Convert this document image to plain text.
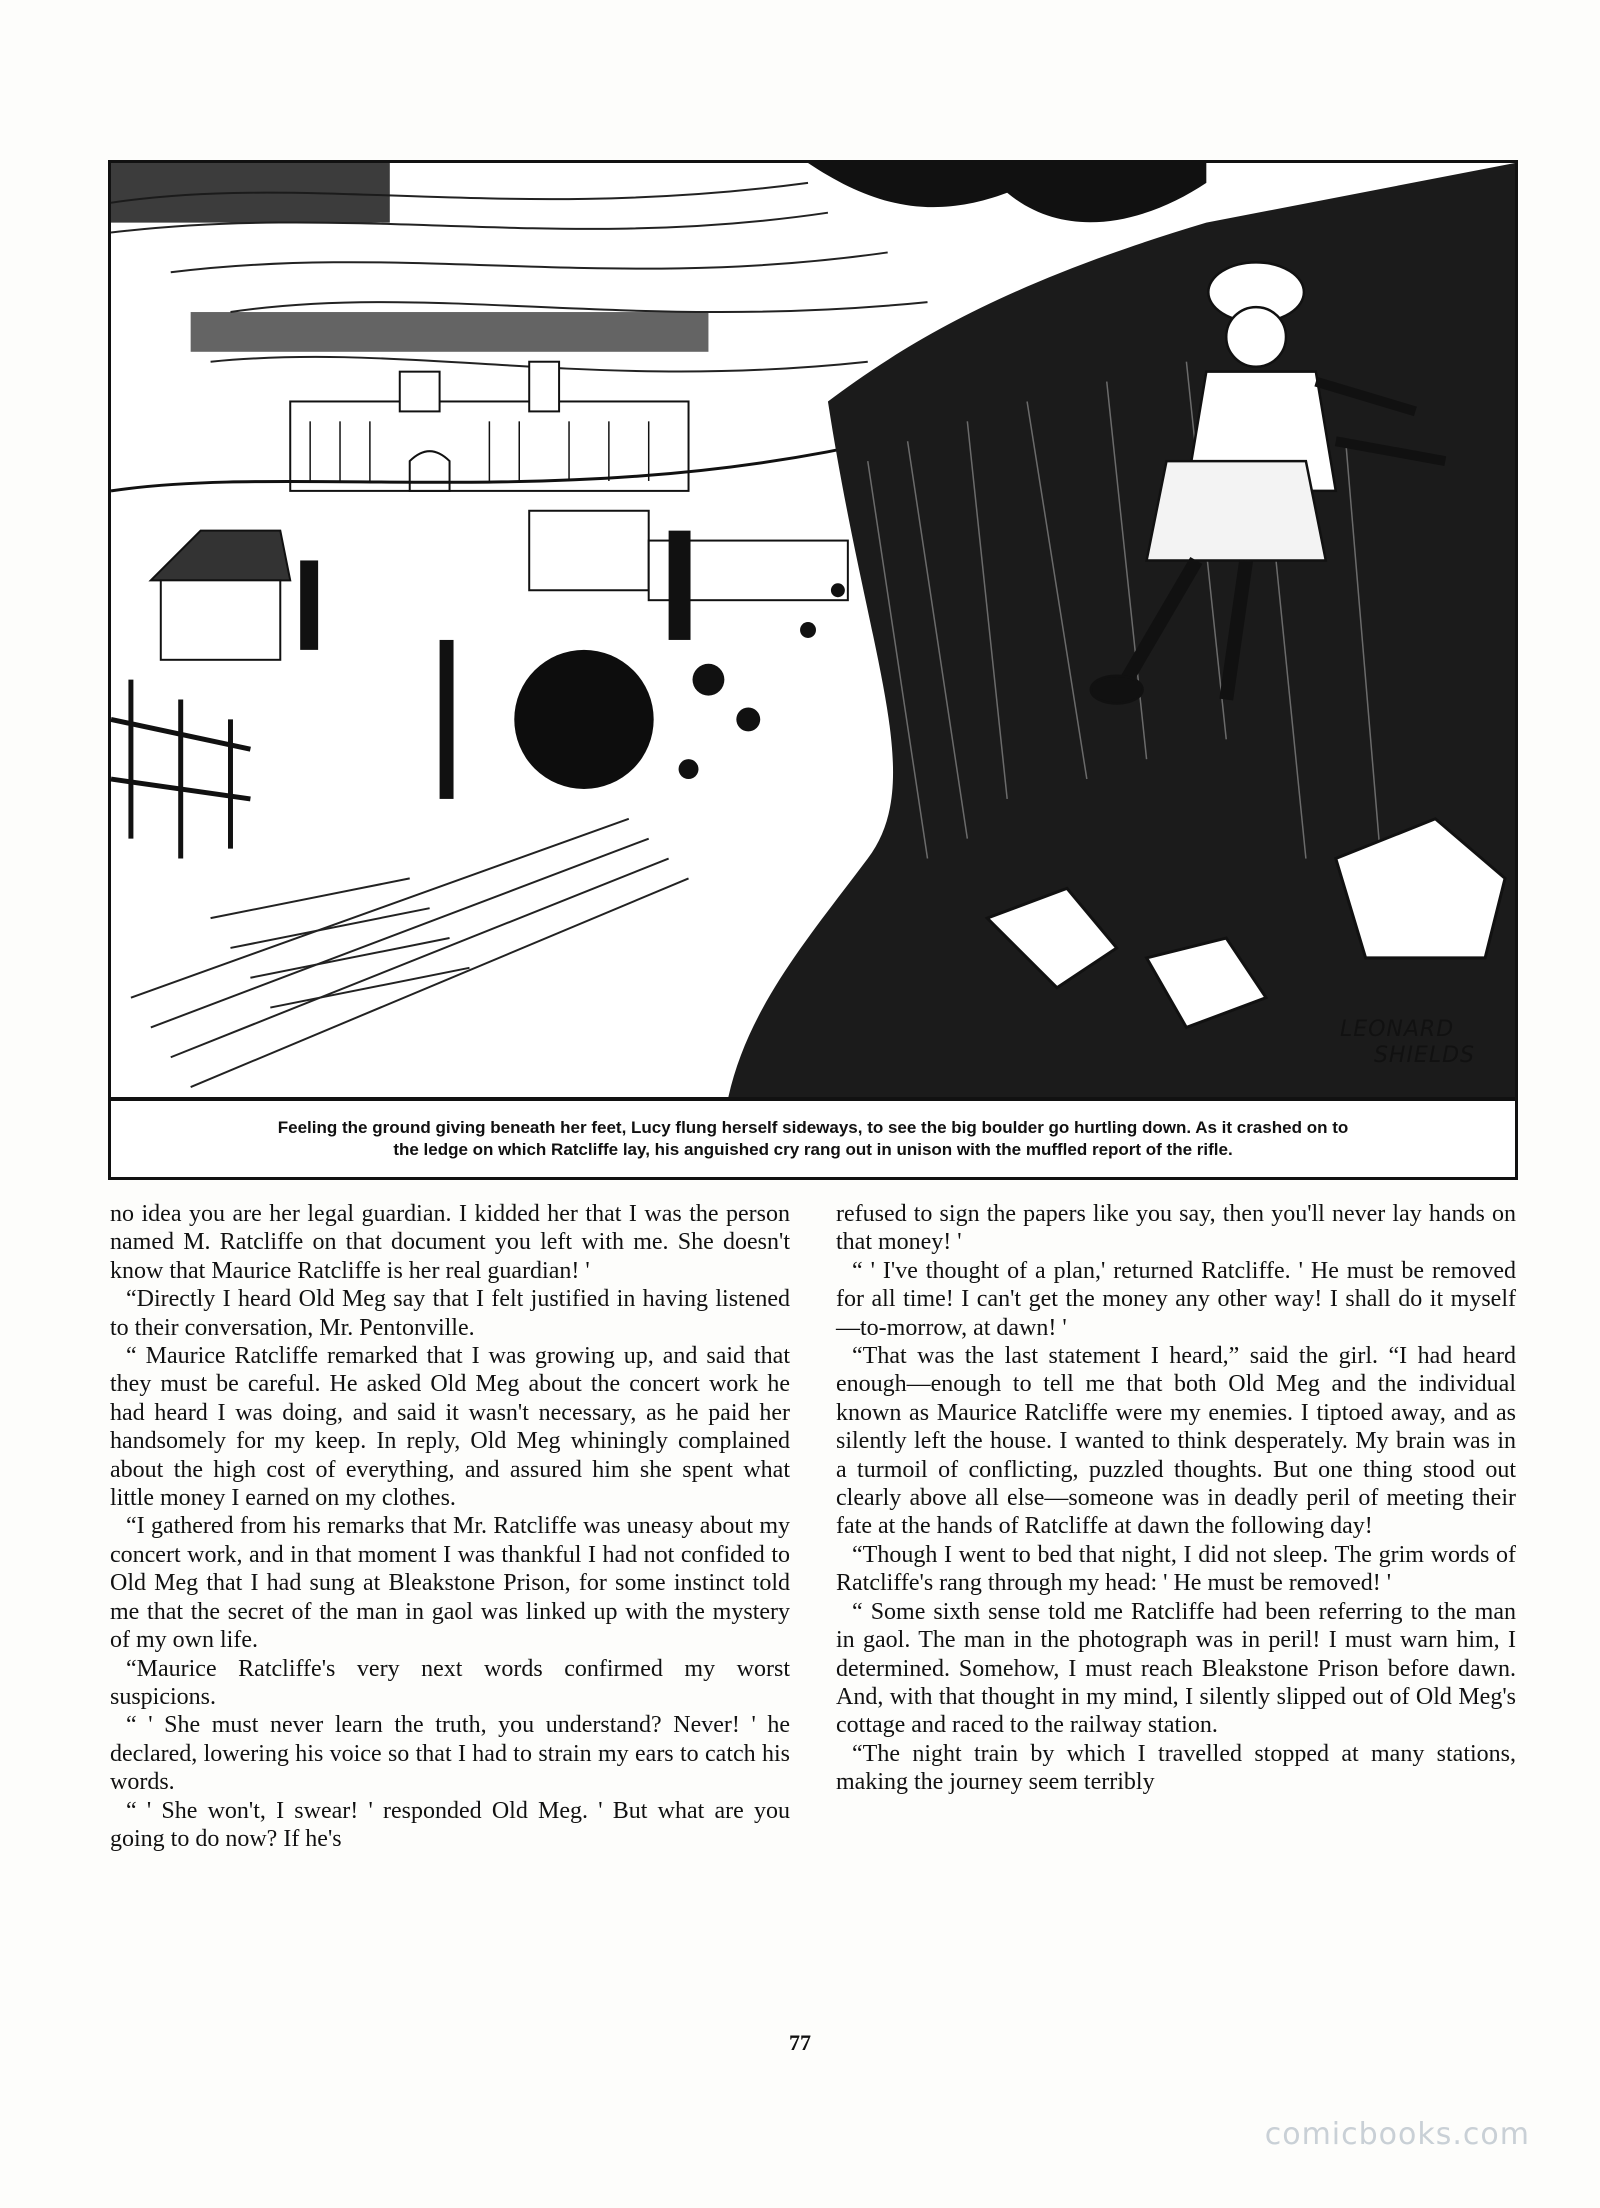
LEONARD
SHIELDS

Feeling the ground giving beneath her feet, Lucy flung herself sideways, to see the big boulder go hurtling down. As it crashed on to

the ledge on which Ratcliffe lay, his anguished cry rang out in unison with the muffled report of the rifle.

no idea you are her legal guardian. I kidded her that I was the person named M. Ratcliffe on that document you left with me. She doesn't know that Maurice Ratcliffe is her real guardian! '

“Directly I heard Old Meg say that I felt justified in having listened to their conversation, Mr. Pentonville.

“ Maurice Ratcliffe remarked that I was growing up, and said that they must be careful. He asked Old Meg about the concert work he had heard I was doing, and said it wasn't necessary, as he paid her handsomely for my keep. In reply, Old Meg whiningly complained about the high cost of everything, and assured him she spent what little money I earned on my clothes.

“I gathered from his remarks that Mr. Ratcliffe was uneasy about my concert work, and in that moment I was thankful I had not confided to Old Meg that I had sung at Bleakstone Prison, for some instinct told me that the secret of the man in gaol was linked up with the mystery of my own life.

“Maurice Ratcliffe's very next words confirmed my worst suspicions.

“ ' She must never learn the truth, you understand? Never! ' he declared, lowering his voice so that I had to strain my ears to catch his words.

“ ' She won't, I swear! ' responded Old Meg. ' But what are you going to do now? If he's

refused to sign the papers like you say, then you'll never lay hands on that money! '

“ ' I've thought of a plan,' returned Ratcliffe. ' He must be removed for all time! I can't get the money any other way! I shall do it myself—to-morrow, at dawn! '

“That was the last statement I heard,” said the girl. “I had heard enough—enough to tell me that both Old Meg and the individual known as Maurice Ratcliffe were my enemies. I tiptoed away, and as silently left the house. I wanted to think desperately. My brain was in a turmoil of conflicting, puzzled thoughts. But one thing stood out clearly above all else—someone was in deadly peril of meeting their fate at the hands of Ratcliffe at dawn the following day!

“Though I went to bed that night, I did not sleep. The grim words of Ratcliffe's rang through my head: ' He must be removed! '

“ Some sixth sense told me Ratcliffe had been referring to the man in gaol. The man in the photograph was in peril! I must warn him, I determined. Somehow, I must reach Bleakstone Prison before dawn. And, with that thought in my mind, I silently slipped out of Old Meg's cottage and raced to the railway station.

“The night train by which I travelled stopped at many stations, making the journey seem terribly

77
comicbooks.com
